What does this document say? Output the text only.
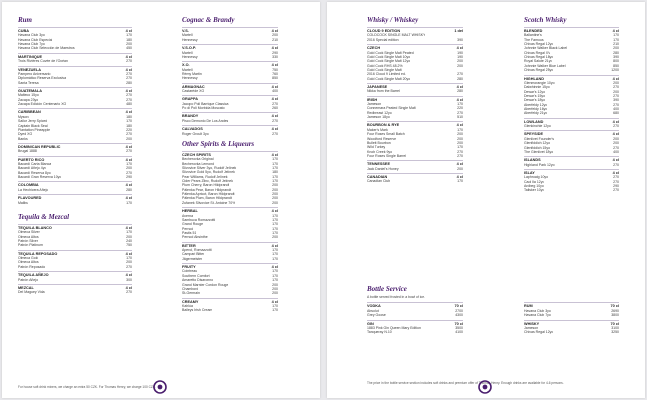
Rum
CUBA	4 cl
Havana Club 3yo	170
Havana Club Especial	180
Havana Club 7yo	200
Havana Club Selección de Maestros	450
MARTINIQUE	4 cl
Trois Rivières Cuvée de l'Océan	270
VENEZUELA	4 cl
Pampero Aniversario	270
Diplomático Reserva Exclusiva	270
Santa Teresa	280
GUATEMALA	4 cl
Malteco 15yo	270
Zacapa 23yo	270
Zacapa Edición Centenario XO	480
CARIBBEAN	4 cl
Mysoro	180
Sailor Jerry Spiced	170
Captain Black Seal	180
Plantation Pineapple	220
Dyed XO	270
Banks	200
DOMINICAN REPUBLIC	4 cl
Brugal 1888	270
PUERTO RICO	4 cl
Bacardí Carta Blanca	170
Bacardí Añejo 4yo	200
Bacardí Reserva 8yo	270
Bacardí Gran Reserva 10yo	290
COLOMBIA	4 cl
La Hechicera Añejo	280
FLAVOURED	4 cl
Malibu	170
Tequila & Mezcal
TEQUILA BLANCO	4 cl
Olmeca Silver	170
Olmeca Altos	200
Patrón Silver	240
Patrón Platinum	750
TEQUILA REPOSADO	4 cl
Olmeca Gold	170
Olmeca Altos	200
Patrón Reposado	270
TEQUILA AÑEJO	4 cl
Patrón Añejo	300
MEZCAL	4 cl
Del Maguey Vida	270
Cognac & Brandy
V.S.	4 cl
Martell	200
Hennessy	210
V.S.O.P.	4 cl
Martell	290
Hennessy	330
X.O.	4 cl
Martell	750
Rémy Martin	760
Hennessy	850
ARMAGNAC	4 cl
Castarède XO	400
GRAPPA	4 cl
Jacopo Poli Barrique Classica	270
Po di Poli Morbida Moscato	260
BRANDY	4 cl
Pisco Demonio De Los Andes	270
CALVADOS	4 cl
Roger Groult 3yo	270
Other Spirits & Liqueurs
CZECH SPIRITS	4 cl
Becherovka Original	170
Becherovka Lemond	170
Slivovice Silver 3yo, Rudolf Jelínek	170
Slivovice Gold 5yo, Rudolf Jelínek	180
Pear Williams, Rudolf Jelínek	170
Cider Pears Zlinc, Rudolf Jelínek	170
Plum Cherry, Baron Hildprandt	200
Pálenka Pear, Baron Hildprandt	200
Pálenka Apricot, Baron Hildprandt	200
Pálenka Plum, Baron Hildprandt	200
Zufanek Slivovice St. Antoine 70%	200
HERBAL	4 cl
Averna	170
Sambuca Romazzotti	170
Grand Rouge	170
Pernod	170
Pastis 51	170
Pernod Absinthe	200
BITTER	4 cl
Aperol, Romazzotti	170
Campari Bitter	170
Jägermeister	170
FRUITY	4 cl
Cointreau	170
Southern Comfort	170
Amaretto Disaronno	170
Grand Marnier Cordon Rouge	200
Chambord	200
St-Germain	200
CREAMY	4 cl
Kahlúa	170
Baileys Irish Cream	170
For house soft drink mixers, we charge an extra 50 CZK. For Thomas Henry, we charge 100 CZK.
Whisky / Whiskey
CLOUD 9 EDITION	1 del
COLDCOCK SINGLE MALT WHISKY
2016 Special edition	390
CZECH	4 cl
Gold Cock Single Malt Peated	190
Gold Cock Single Malt 10yo	190
Gold Cock Single Malt 12yo	200
Gold Cock RHS 48.2%	200
Gold Cock Single Malt
2016 Cloud 9 Limited ed.	270
Gold Cock Single Malt 20yo	280
JAPANESE	4 cl
Nikka from the Barrel	280
IRISH	4 cl
Jameson	170
Connemara Peated Single Malt	220
Redbreast 12yo	270
Jameson 18yo	510
BOURBON & RYE	4 cl
Maker's Mark	170
Four Roses Small Batch	200
Woodford Reserve	200
Bulleit Bourbon	200
Wild Turkey	170
Knob Creek 9yo	270
Four Roses Single Barrel	270
TENNESSEE	4 cl
Jack Daniel's Honey	200
CANADIAN	4 cl
Canadian Club	170
Scotch Whisky
BLENDED	4 cl
Ballantine's	170
The Famous	170
Chivas Regal 12yo	210
Johnnie Walker Black Label	200
Chivas Regal XV	280
Chivas Regal 18yo	390
Royal Salute 21yo	800
Johnnie Walker Blue Label	850
Chivas Regal 25yo	1200
HIGHLAND	4 cl
Glenmorangie 10yo	200
Dalwhinnie 15yo	270
Dewar's 12yo	200
Dewar's 15yo	270
Dewar's 18yo	390
Aberfeldy 12yo	270
Aberfeldy 16yo	400
Aberfeldy 21yo	680
LOWLAND	4 cl
Glenkinchie 12yo	270
SPEYSIDE	4 cl
Glenlivet Founder's	200
Glenfiddich 12yo	200
Glenfiddich 15yo	270
The Glenlivet 18yo	400
ISLANDS	4 cl
Highland Park 12yo	270
ISLAY	4 cl
Laphroaig 10yo	270
Caol Ila 12yo	270
Ardbeg 10yo	290
Talisker 10yo	270
Bottle Service
A bottle served frosted in a bowl of ice.
VODKA	70 cl
Absolut	2700
Grey Goose	4300
GIN	70 cl
1883 Pink Gin Queen Mary Edition	3500
Tanqueray N.10	4100
RUM	70 cl
Havana Club 3yo	2690
Havana Club 7yo	3800
WHISKY	70 cl
Jameson	3100
Chivas Regal 12yo	3250
The price in the bottle service section includes soft drinks and premium offer of Thomas Henry. Enough drinks are available for 4-6 persons.
